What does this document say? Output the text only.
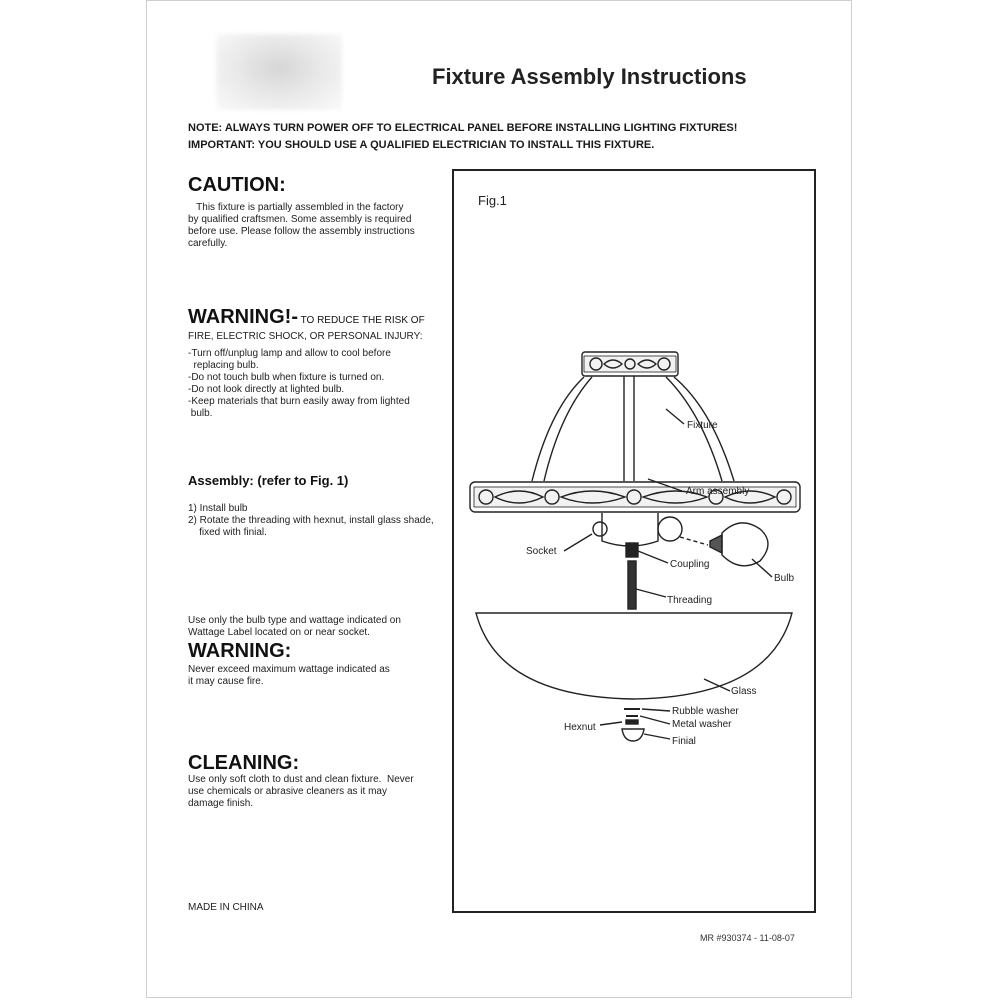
Fixture Assembly Instructions
NOTE: ALWAYS TURN POWER OFF TO ELECTRICAL PANEL BEFORE INSTALLING LIGHTING FIXTURES!
IMPORTANT: YOU SHOULD USE A QUALIFIED ELECTRICIAN TO INSTALL THIS FIXTURE.
CAUTION:
This fixture is partially assembled in the factory
by qualified craftsmen. Some assembly is required
before use. Please follow the assembly instructions
carefully.
WARNING!- TO REDUCE THE RISK OF
FIRE, ELECTRIC SHOCK, OR PERSONAL INJURY:
-Turn off/unplug lamp and allow to cool before
replacing bulb.
-Do not touch bulb when fixture is turned on.
-Do not look directly at lighted bulb.
-Keep materials that burn easily away from lighted
bulb.
Assembly: (refer to Fig. 1)
1) Install bulb
2) Rotate the threading with hexnut, install glass shade,
fixed with finial.
Use only the bulb type and wattage indicated on
Wattage Label located on or near socket.
WARNING:
Never exceed maximum wattage indicated as
it may cause fire.
CLEANING:
Use only soft cloth to dust and clean fixture.  Never
use chemicals or abrasive cleaners as it may
damage finish.
MADE IN CHINA
MR #930374 - 11-08-07
Fig.1
Fixture
Arm assembly
Socket
Coupling
Bulb
Threading
Glass
Rubble washer
Metal washer
Hexnut
Finial
